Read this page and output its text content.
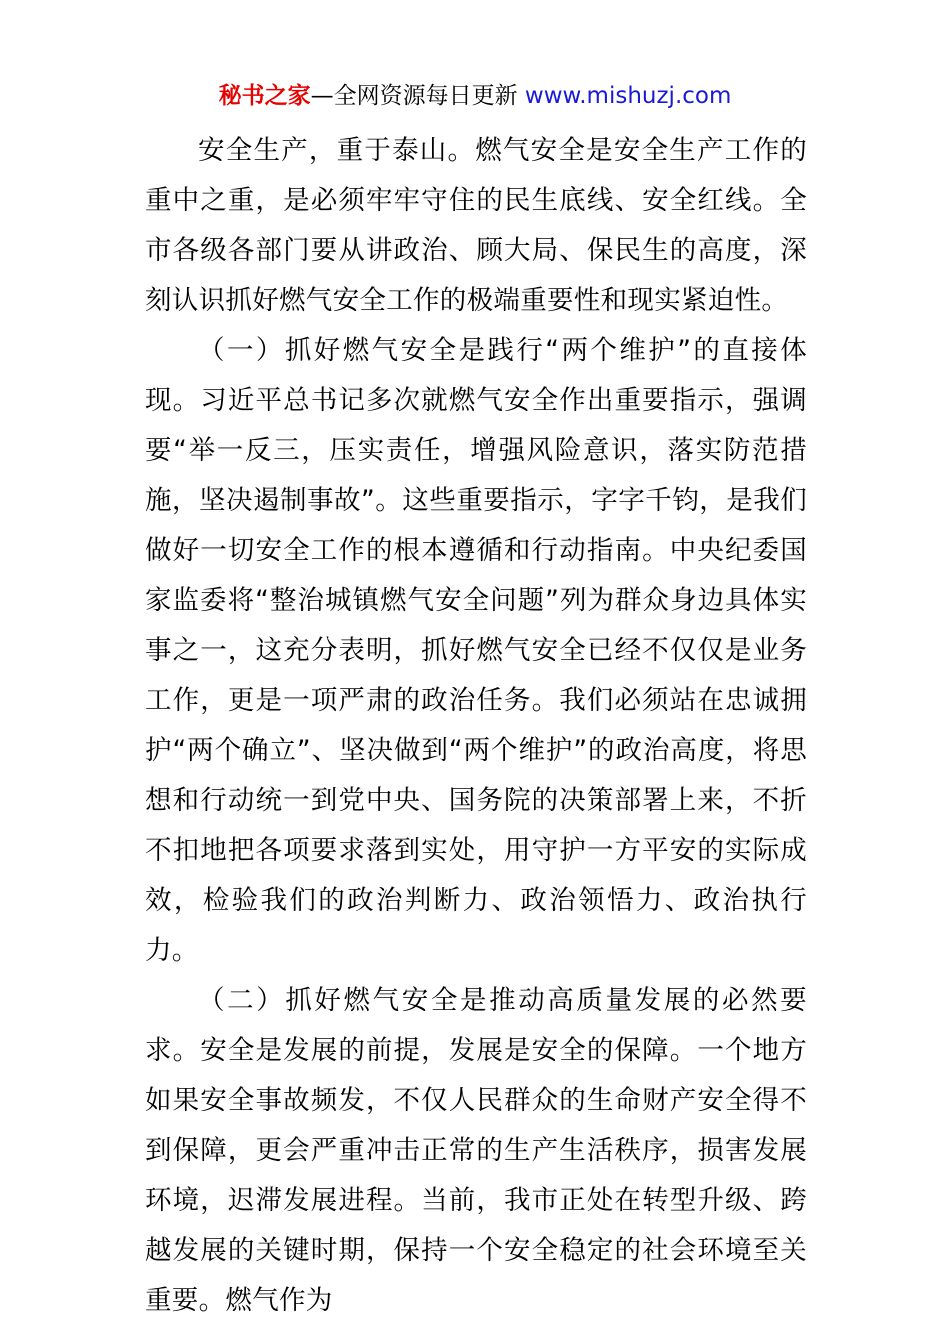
秘书之家—全网资源每日更新 www.mishuzj.com

安全生产，重于泰山。燃气安全是安全生产工作的重中之重，是必须牢牢守住的民生底线、安全红线。全市各级各部门要从讲政治、顾大局、保民生的高度，深刻认识抓好燃气安全工作的极端重要性和现实紧迫性。

（一）抓好燃气安全是践行“两个维护”的直接体现。习近平总书记多次就燃气安全作出重要指示，强调要“举一反三，压实责任，增强风险意识，落实防范措施，坚决遏制事故”。这些重要指示，字字千钧，是我们做好一切安全工作的根本遵循和行动指南。中央纪委国家监委将“整治城镇燃气安全问题”列为群众身边具体实事之一，这充分表明，抓好燃气安全已经不仅仅是业务工作，更是一项严肃的政治任务。我们必须站在忠诚拥护“两个确立”、坚决做到“两个维护”的政治高度，将思想和行动统一到党中央、国务院的决策部署上来，不折不扣地把各项要求落到实处，用守护一方平安的实际成效，检验我们的政治判断力、政治领悟力、政治执行力。

（二）抓好燃气安全是推动高质量发展的必然要求。安全是发展的前提，发展是安全的保障。一个地方如果安全事故频发，不仅人民群众的生命财产安全得不到保障，更会严重冲击正常的生产生活秩序，损害发展环境，迟滞发展进程。当前，我市正处在转型升级、跨越发展的关键时期，保持一个安全稳定的社会环境至关重要。燃气作为
